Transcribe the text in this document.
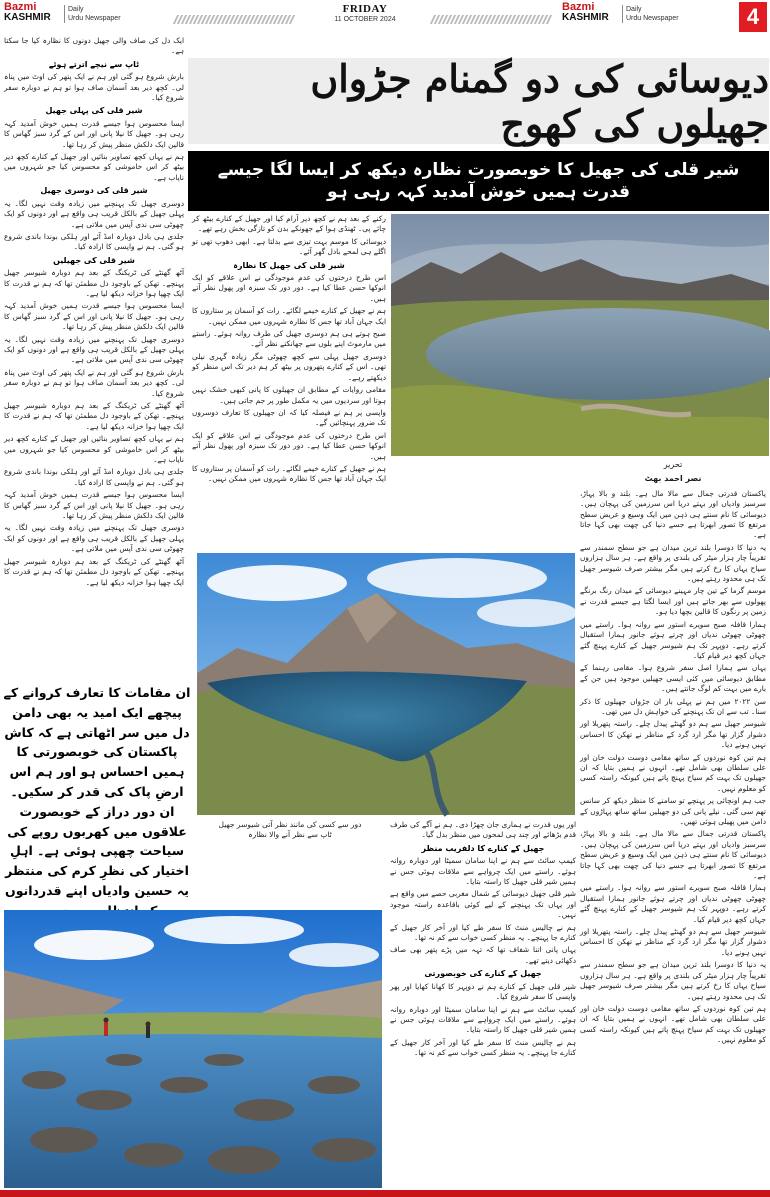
Bazmi
KASHMIR
Daily
Urdu Newspaper
FRIDAY
11 OCTOBER 2024
Bazmi
KASHMIR
Daily
Urdu Newspaper	4
دیوسائی کی دو گمنام جڑواں جھیلوں کی کھوج
شیر قلی کی جھیل کا خوبصورت نظارہ دیکھ کر ایسا لگا جیسے قدرت ہمیں خوش آمدید کہہ رہی ہو

ایک دل کی صاف والی جھیل دونوں کا نظارہ کیا جا سکتا ہے۔

ٹاپ سے نیچے اترتے ہوئے

بارش شروع ہو گئی اور ہم نے ایک پتھر کی اوٹ میں پناہ لی۔ کچھ دیر بعد آسمان صاف ہوا تو ہم نے دوبارہ سفر شروع کیا۔

شیر قلی کی پہلی جھیل

ایسا محسوس ہوا جیسے قدرت ہمیں خوش آمدید کہہ رہی ہو۔ جھیل کا نیلا پانی اور اس کے گرد سبز گھاس کا قالین ایک دلکش منظر پیش کر رہا تھا۔

ہم نے یہاں کچھ تصاویر بنائیں اور جھیل کے کنارے کچھ دیر بیٹھ کر اس خاموشی کو محسوس کیا جو شہروں میں نایاب ہے۔

شیر قلی کی دوسری جھیل

دوسری جھیل تک پہنچنے میں زیادہ وقت نہیں لگا۔ یہ پہلی جھیل کے بالکل قریب ہی واقع ہے اور دونوں کو ایک چھوٹی سی ندی آپس میں ملاتی ہے۔

جلدی ہی بادل دوبارہ امڈ آئے اور ہلکی بوندا باندی شروع ہو گئی۔ ہم نے واپسی کا ارادہ کیا۔

شیر قلی کی جھیلیں

آٹھ گھنٹے کی ٹریکنگ کے بعد ہم دوبارہ شیوسر جھیل پہنچے۔ تھکن کے باوجود دل مطمئن تھا کہ ہم نے قدرت کا ایک چھپا ہوا خزانہ دیکھ لیا ہے۔

ایسا محسوس ہوا جیسے قدرت ہمیں خوش آمدید کہہ رہی ہو۔ جھیل کا نیلا پانی اور اس کے گرد سبز گھاس کا قالین ایک دلکش منظر پیش کر رہا تھا۔

دوسری جھیل تک پہنچنے میں زیادہ وقت نہیں لگا۔ یہ پہلی جھیل کے بالکل قریب ہی واقع ہے اور دونوں کو ایک چھوٹی سی ندی آپس میں ملاتی ہے۔

بارش شروع ہو گئی اور ہم نے ایک پتھر کی اوٹ میں پناہ لی۔ کچھ دیر بعد آسمان صاف ہوا تو ہم نے دوبارہ سفر شروع کیا۔

آٹھ گھنٹے کی ٹریکنگ کے بعد ہم دوبارہ شیوسر جھیل پہنچے۔ تھکن کے باوجود دل مطمئن تھا کہ ہم نے قدرت کا ایک چھپا ہوا خزانہ دیکھ لیا ہے۔

ہم نے یہاں کچھ تصاویر بنائیں اور جھیل کے کنارے کچھ دیر بیٹھ کر اس خاموشی کو محسوس کیا جو شہروں میں نایاب ہے۔

جلدی ہی بادل دوبارہ امڈ آئے اور ہلکی بوندا باندی شروع ہو گئی۔ ہم نے واپسی کا ارادہ کیا۔

ایسا محسوس ہوا جیسے قدرت ہمیں خوش آمدید کہہ رہی ہو۔ جھیل کا نیلا پانی اور اس کے گرد سبز گھاس کا قالین ایک دلکش منظر پیش کر رہا تھا۔

دوسری جھیل تک پہنچنے میں زیادہ وقت نہیں لگا۔ یہ پہلی جھیل کے بالکل قریب ہی واقع ہے اور دونوں کو ایک چھوٹی سی ندی آپس میں ملاتی ہے۔

آٹھ گھنٹے کی ٹریکنگ کے بعد ہم دوبارہ شیوسر جھیل پہنچے۔ تھکن کے باوجود دل مطمئن تھا کہ ہم نے قدرت کا ایک چھپا ہوا خزانہ دیکھ لیا ہے۔

ان مقامات کا تعارف کروانے کے پیچھے ایک امید یہ بھی دامن دل میں سر اٹھاتی ہے کہ کاش پاکستان کی خوبصورتی کا ہمیں احساس ہو اور ہم اس ارضِ پاک کی قدر کر سکیں۔ ان دور دراز کے خوبصورت علاقوں میں کھربوں روپے کی سیاحت چھپی ہوئی ہے۔ اہلِ اختیار کی نظرِ کرم کی منتظر یہ حسین وادیاں اپنے قدردانوں

رکنے کے بعد ہم نے کچھ دیر آرام کیا اور جھیل کے کنارے بیٹھ کر چائے پی۔ ٹھنڈی ہوا کے جھونکے بدن کو تازگی بخش رہے تھے۔

دیوسائی کا موسم بہت تیزی سے بدلتا ہے۔ ابھی دھوپ تھی تو اگلے ہی لمحے بادل گھر آئے۔

شیر قلی کی جھیل کا نظارہ

اس طرح درختوں کی عدم موجودگی نے اس علاقے کو ایک انوکھا حسن عطا کیا ہے۔ دور دور تک سبزہ اور پھول نظر آتے ہیں۔

ہم نے جھیل کے کنارے خیمے لگائے۔ رات کو آسمان پر ستاروں کا ایک جہان آباد تھا جس کا نظارہ شہروں میں ممکن نہیں۔

صبح ہوتے ہی ہم دوسری جھیل کی طرف روانہ ہوئے۔ راستے میں مارموٹ اپنے بلوں سے جھانکتے نظر آئے۔

دوسری جھیل پہلی سے کچھ چھوٹی مگر زیادہ گہری نیلی تھی۔ اس کے کنارے پتھروں پر بیٹھ کر ہم دیر تک اس منظر کو دیکھتے رہے۔

مقامی روایات کے مطابق ان جھیلوں کا پانی کبھی خشک نہیں ہوتا اور سردیوں میں یہ مکمل طور پر جم جاتی ہیں۔

واپسی پر ہم نے فیصلہ کیا کہ ان جھیلوں کا تعارف دوسروں تک ضرور پہنچائیں گے۔

اس طرح درختوں کی عدم موجودگی نے اس علاقے کو ایک انوکھا حسن عطا کیا ہے۔ دور دور تک سبزہ اور پھول نظر آتے ہیں۔

ہم نے جھیل کے کنارے خیمے لگائے۔ رات کو آسمان پر ستاروں کا ایک جہان آباد تھا جس کا نظارہ شہروں میں ممکن نہیں۔

تحریر
نصر احمد بھٹ

پاکستان قدرتی جمال سے مالا مال ہے۔ بلند و بالا پہاڑ، سرسبز وادیاں اور بہتے دریا اس سرزمین کی پہچان ہیں۔ دیوسائی کا نام سنتے ہی ذہن میں ایک وسیع و عریض سطح مرتفع کا تصور ابھرتا ہے جسے دنیا کی چھت بھی کہا جاتا ہے۔

یہ دنیا کا دوسرا بلند ترین میدان ہے جو سطح سمندر سے تقریباً چار ہزار میٹر کی بلندی پر واقع ہے۔ ہر سال ہزاروں سیاح یہاں کا رخ کرتے ہیں مگر بیشتر صرف شیوسر جھیل تک ہی محدود رہتے ہیں۔

موسم گرما کے تین چار مہینے دیوسائی کے میدان رنگ برنگے پھولوں سے بھر جاتے ہیں اور ایسا لگتا ہے جیسے قدرت نے زمین پر رنگوں کا قالین بچھا دیا ہو۔

ہمارا قافلہ صبح سویرے استور سے روانہ ہوا۔ راستے میں چھوٹی چھوٹی ندیاں اور چرتے ہوئے جانور ہمارا استقبال کرتے رہے۔ دوپہر تک ہم شیوسر جھیل کے کنارے پہنچ گئے جہاں کچھ دیر قیام کیا۔

یہاں سے ہمارا اصل سفر شروع ہوا۔ مقامی رہنما کے مطابق دیوسائی میں کئی ایسی جھیلیں موجود ہیں جن کے بارے میں بہت کم لوگ جانتے ہیں۔

سن ۲۰۲۲ میں ہم نے پہلی بار ان جڑواں جھیلوں کا ذکر سنا۔ تب سے ان تک پہنچنے کی خواہش دل میں تھی۔

شیوسر جھیل سے ہم دو گھنٹے پیدل چلے۔ راستہ پتھریلا اور دشوار گزار تھا مگر ارد گرد کے مناظر نے تھکن کا احساس نہیں ہونے دیا۔

ہم تین کوہ نوردوں کے ساتھ مقامی دوست دولت خان اور علی سلطان بھی شامل تھے۔ انہوں نے ہمیں بتایا کہ ان جھیلوں تک بہت کم سیاح پہنچ پاتے ہیں کیونکہ راستہ کسی کو معلوم نہیں۔

جب ہم اونچائی پر پہنچے تو سامنے کا منظر دیکھ کر سانس تھم سی گئی۔ نیلے پانی کی دو جھیلیں ساتھ ساتھ پہاڑوں کے دامن میں پھیلی ہوئی تھیں۔

پاکستان قدرتی جمال سے مالا مال ہے۔ بلند و بالا پہاڑ، سرسبز وادیاں اور بہتے دریا اس سرزمین کی پہچان ہیں۔ دیوسائی کا نام سنتے ہی ذہن میں ایک وسیع و عریض سطح مرتفع کا تصور ابھرتا ہے جسے دنیا کی چھت بھی کہا جاتا ہے۔

ہمارا قافلہ صبح سویرے استور سے روانہ ہوا۔ راستے میں چھوٹی چھوٹی ندیاں اور چرتے ہوئے جانور ہمارا استقبال کرتے رہے۔ دوپہر تک ہم شیوسر جھیل کے کنارے پہنچ گئے جہاں کچھ دیر قیام کیا۔

شیوسر جھیل سے ہم دو گھنٹے پیدل چلے۔ راستہ پتھریلا اور دشوار گزار تھا مگر ارد گرد کے مناظر نے تھکن کا احساس نہیں ہونے دیا۔

یہ دنیا کا دوسرا بلند ترین میدان ہے جو سطح سمندر سے تقریباً چار ہزار میٹر کی بلندی پر واقع ہے۔ ہر سال ہزاروں سیاح یہاں کا رخ کرتے ہیں مگر بیشتر صرف شیوسر جھیل تک ہی محدود رہتے ہیں۔

ہم تین کوہ نوردوں کے ساتھ مقامی دوست دولت خان اور علی سلطان بھی شامل تھے۔ انہوں نے ہمیں بتایا کہ ان جھیلوں تک بہت کم سیاح پہنچ پاتے ہیں کیونکہ راستہ کسی کو معلوم نہیں۔

اور یوں قدرت نے ہماری جان چھڑا دی۔ ہم نے آگے کی طرف قدم بڑھائے اور چند ہی لمحوں میں منظر بدل گیا۔

جھیل کے کنارے کا دلفریب منظر

کیمپ سائٹ سے ہم نے اپنا سامان سمیٹا اور دوبارہ روانہ ہوئے۔ راستے میں ایک چرواہے سے ملاقات ہوئی جس نے ہمیں شیر قلی جھیل کا راستہ بتایا۔

شیر قلی جھیل دیوسائی کے شمال مغربی حصے میں واقع ہے اور یہاں تک پہنچنے کے لیے کوئی باقاعدہ راستہ موجود نہیں۔

ہم نے چالیس منٹ کا سفر طے کیا اور آخر کار جھیل کے کنارے جا پہنچے۔ یہ منظر کسی خواب سے کم نہ تھا۔

یہاں پانی اتنا شفاف تھا کہ تہہ میں پڑے پتھر بھی صاف دکھائی دیتے تھے۔

جھیل کے کنارے کی خوبصورتی

شیر قلی جھیل کے کنارے ہم نے دوپہر کا کھانا کھایا اور پھر واپسی کا سفر شروع کیا۔

کیمپ سائٹ سے ہم نے اپنا سامان سمیٹا اور دوبارہ روانہ ہوئے۔ راستے میں ایک چرواہے سے ملاقات ہوئی جس نے ہمیں شیر قلی جھیل کا راستہ بتایا۔

ہم نے چالیس منٹ کا سفر طے کیا اور آخر کار جھیل کے کنارے جا پہنچے۔ یہ منظر کسی خواب سے کم نہ تھا۔

دور سے کسی کی مانند نظر آتی شیوسر جھیل
ٹاپ سے نظر آنے والا نظارہ
